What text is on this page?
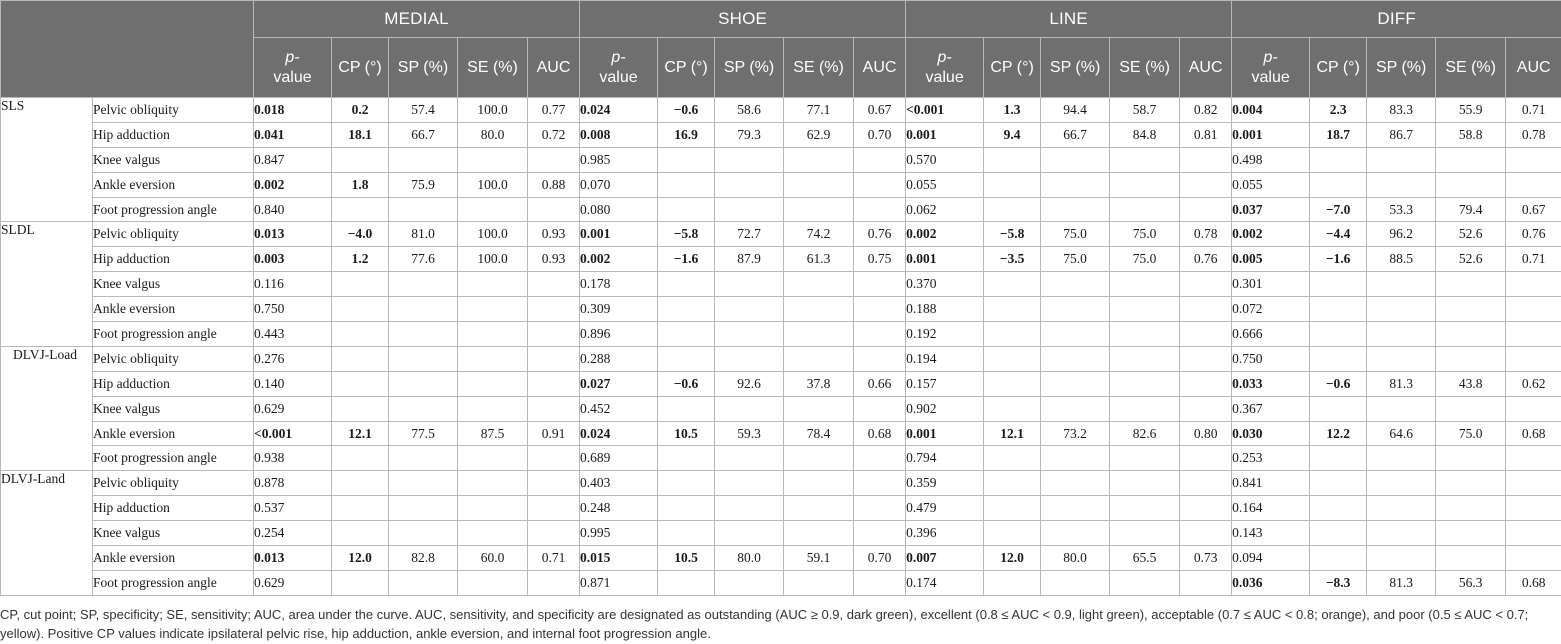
		MEDIAL					SHOE					LINE					DIFF				
		p-
value	CP (°)	SP (%)	SE (%)	AUC	p-
value	CP (°)	SP (%)	SE (%)	AUC	p-
value	CP (°)	SP (%)	SE (%)	AUC	p-
value	CP (°)	SP (%)	SE (%)	AUC
SLS	Pelvic obliquity	0.018	0.2	57.4	100.0	0.77	0.024	−0.6	58.6	77.1	0.67	<0.001	1.3	94.4	58.7	0.82	0.004	2.3	83.3	55.9	0.71
	Hip adduction	0.041	18.1	66.7	80.0	0.72	0.008	16.9	79.3	62.9	0.70	0.001	9.4	66.7	84.8	0.81	0.001	18.7	86.7	58.8	0.78
	Knee valgus	0.847					0.985					0.570					0.498				
	Ankle eversion	0.002	1.8	75.9	100.0	0.88	0.070					0.055					0.055				
	Foot progression angle	0.840					0.080					0.062					0.037	−7.0	53.3	79.4	0.67
SLDL	Pelvic obliquity	0.013	−4.0	81.0	100.0	0.93	0.001	−5.8	72.7	74.2	0.76	0.002	−5.8	75.0	75.0	0.78	0.002	−4.4	96.2	52.6	0.76
	Hip adduction	0.003	1.2	77.6	100.0	0.93	0.002	−1.6	87.9	61.3	0.75	0.001	−3.5	75.0	75.0	0.76	0.005	−1.6	88.5	52.6	0.71
	Knee valgus	0.116					0.178					0.370					0.301				
	Ankle eversion	0.750					0.309					0.188					0.072				
	Foot progression angle	0.443					0.896					0.192					0.666				
DLVJ-Load	Pelvic obliquity	0.276					0.288					0.194					0.750				
	Hip adduction	0.140					0.027	−0.6	92.6	37.8	0.66	0.157					0.033	−0.6	81.3	43.8	0.62
	Knee valgus	0.629					0.452					0.902					0.367				
	Ankle eversion	<0.001	12.1	77.5	87.5	0.91	0.024	10.5	59.3	78.4	0.68	0.001	12.1	73.2	82.6	0.80	0.030	12.2	64.6	75.0	0.68
	Foot progression angle	0.938					0.689					0.794					0.253				
DLVJ-Land	Pelvic obliquity	0.878					0.403					0.359					0.841				
	Hip adduction	0.537					0.248					0.479					0.164				
	Knee valgus	0.254					0.995					0.396					0.143				
	Ankle eversion	0.013	12.0	82.8	60.0	0.71	0.015	10.5	80.0	59.1	0.70	0.007	12.0	80.0	65.5	0.73	0.094				
	Foot progression angle	0.629					0.871					0.174					0.036	−8.3	81.3	56.3	0.68
CP, cut point; SP, specificity; SE, sensitivity; AUC, area under the curve. AUC, sensitivity, and specificity are designated as outstanding (AUC ≥ 0.9, dark green), excellent (0.8 ≤ AUC < 0.9, light green), acceptable (0.7 ≤ AUC < 0.8; orange), and poor (0.5 ≤ AUC < 0.7; yellow). Positive CP values indicate ipsilateral pelvic rise, hip adduction, ankle eversion, and internal foot progression angle.
